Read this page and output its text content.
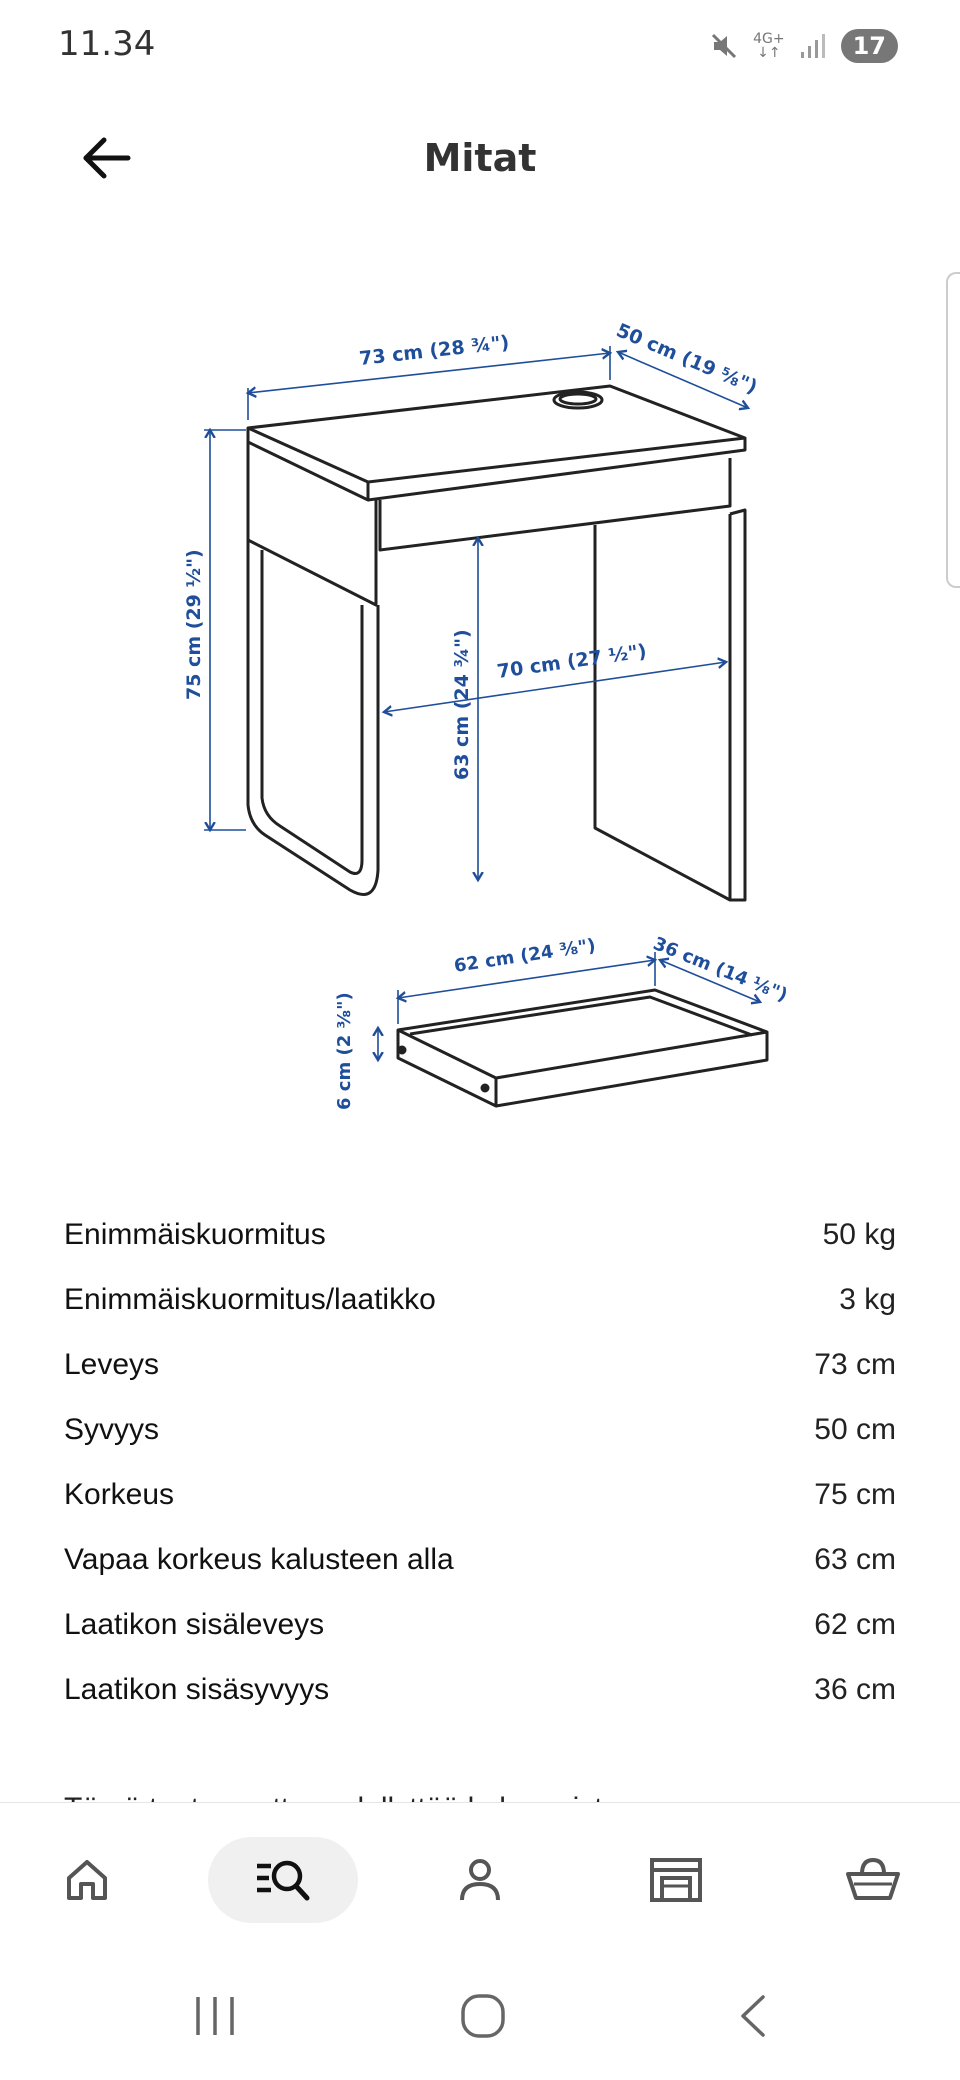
11.34	4G+
↓↑	17
Mitat
73 cm (28 ¾")	50 cm (19 ⅝")
75 cm (29 ½")
63 cm (24 ¾") 70 cm (27 ½")
62 cm (24 ⅜")	36 cm (14 ⅛")
6 cm (2 ⅜")
Enimmäiskuormitus	50 kg
Enimmäiskuormitus/laatikko	3 kg
Leveys	73 cm
Syvyys	50 cm
Korkeus	75 cm
Vapaa korkeus kalusteen alla	63 cm
Laatikon sisäleveys	62 cm
Laatikon sisäsyvyys	36 cm
